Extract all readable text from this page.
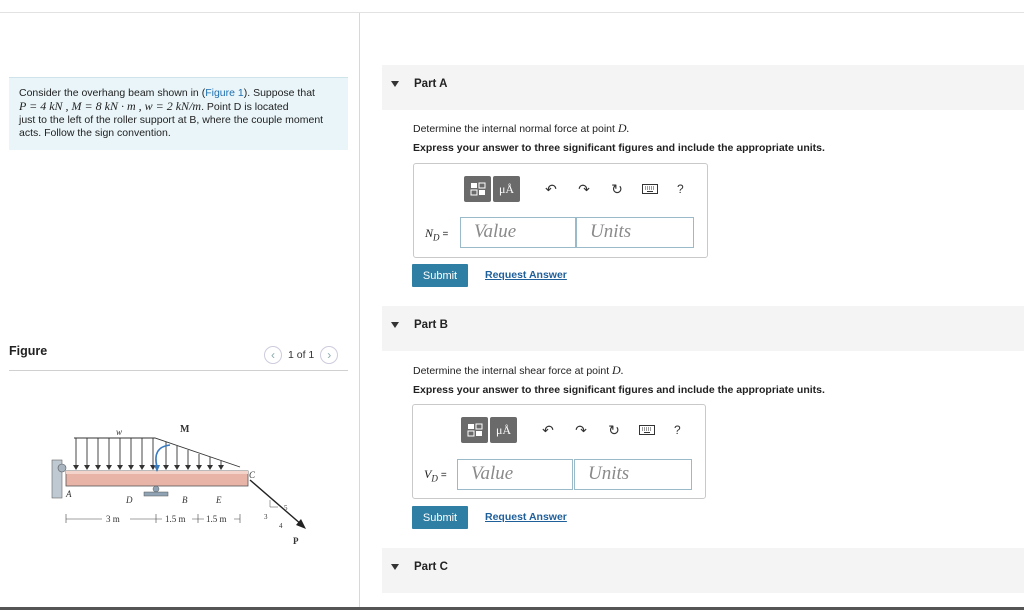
Consider the overhang beam shown in (Figure 1). Suppose that
P = 4 kN , M = 8 kN · m , w = 2 kN/m. Point D is located
just to the left of the roller support at B, where the couple moment
acts. Follow the sign convention.
Figure	‹	1 of 1	›
w	M
A
C
D	B	E
3 m	1.5 m 1.5 m
P
3
4
5
Part A
Determine the internal normal force at point D.
Express your answer to three significant figures and include the appropriate units.
μÅ	↶ ↷ ↻	?
$N_D$ =	Value	Units
Submit	Request Answer
Part B
Determine the internal shear force at point D.
Express your answer to three significant figures and include the appropriate units.
μÅ	↶ ↷ ↻	?
$V_D$ =	Value	Units
Submit	Request Answer
Part C
